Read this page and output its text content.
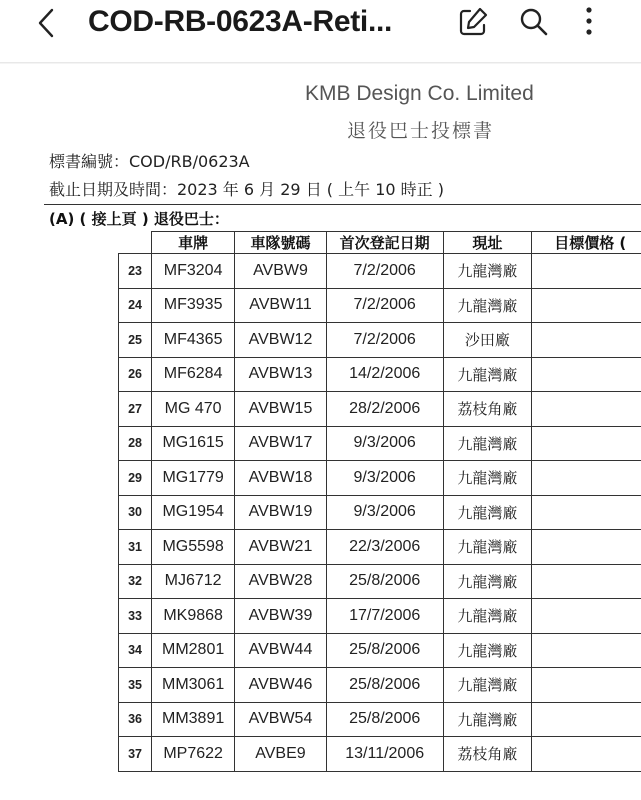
COD-RB-0623A-Reti...
KMB Design Co. Limited
退役巴士投標書
標書編號：COD/RB/0623A
截止日期及時間：2023 年 6 月 29 日 ( 上午 10 時正 )
(A) ( 接上頁 ) 退役巴士：
	車牌	車隊號碼	首次登記日期	現址	目標價格 (
23	MF3204	AVBW9	7/2/2006	九龍灣廠	
24	MF3935	AVBW11	7/2/2006	九龍灣廠	
25	MF4365	AVBW12	7/2/2006	沙田廠	
26	MF6284	AVBW13	14/2/2006	九龍灣廠	
27	MG 470	AVBW15	28/2/2006	荔枝角廠	
28	MG1615	AVBW17	9/3/2006	九龍灣廠	
29	MG1779	AVBW18	9/3/2006	九龍灣廠	
30	MG1954	AVBW19	9/3/2006	九龍灣廠	
31	MG5598	AVBW21	22/3/2006	九龍灣廠	
32	MJ6712	AVBW28	25/8/2006	九龍灣廠	
33	MK9868	AVBW39	17/7/2006	九龍灣廠	
34	MM2801	AVBW44	25/8/2006	九龍灣廠	
35	MM3061	AVBW46	25/8/2006	九龍灣廠	
36	MM3891	AVBW54	25/8/2006	九龍灣廠	
37	MP7622	AVBE9	13/11/2006	荔枝角廠	
